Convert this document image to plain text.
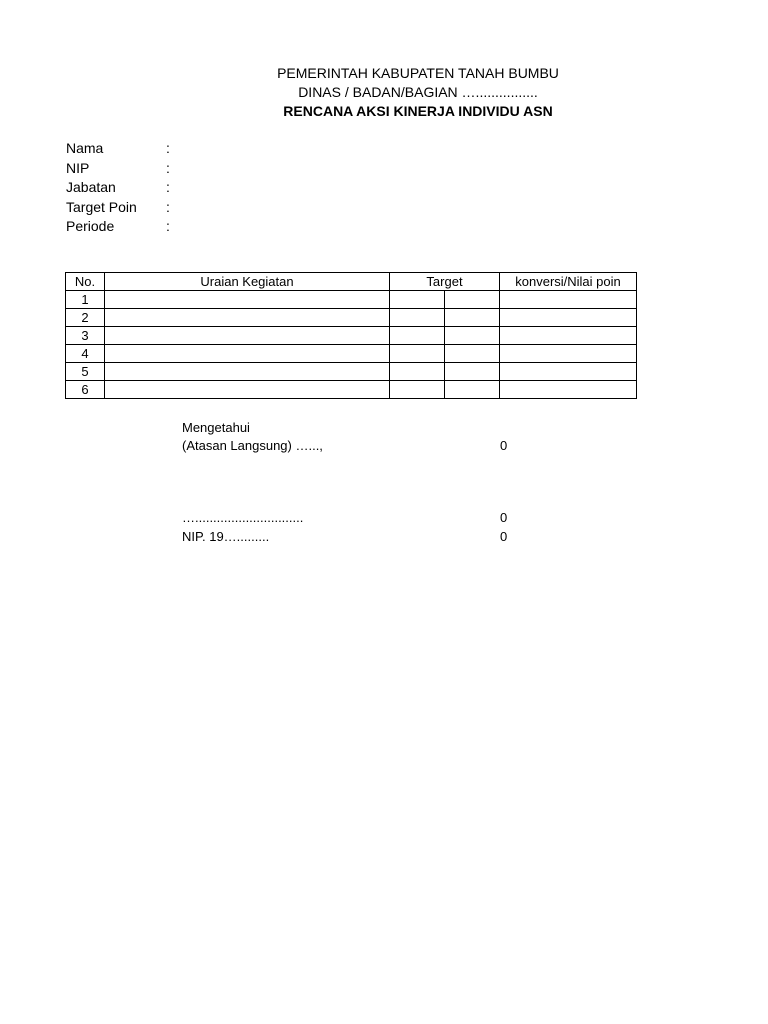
PEMERINTAH KABUPATEN TANAH BUMBU
DINAS / BADAN/BAGIAN …................
RENCANA AKSI KINERJA INDIVIDU ASN
Nama	:
NIP	:
Jabatan	:
Target Poin	:
Periode	:
No.	Uraian Kegiatan	Target		konversi/Nilai poin
1				
2				
3				
4				
5				
6				
Mengetahui
(Atasan Langsung) …...,	0
…..............................	0
NIP. 19….........	0
